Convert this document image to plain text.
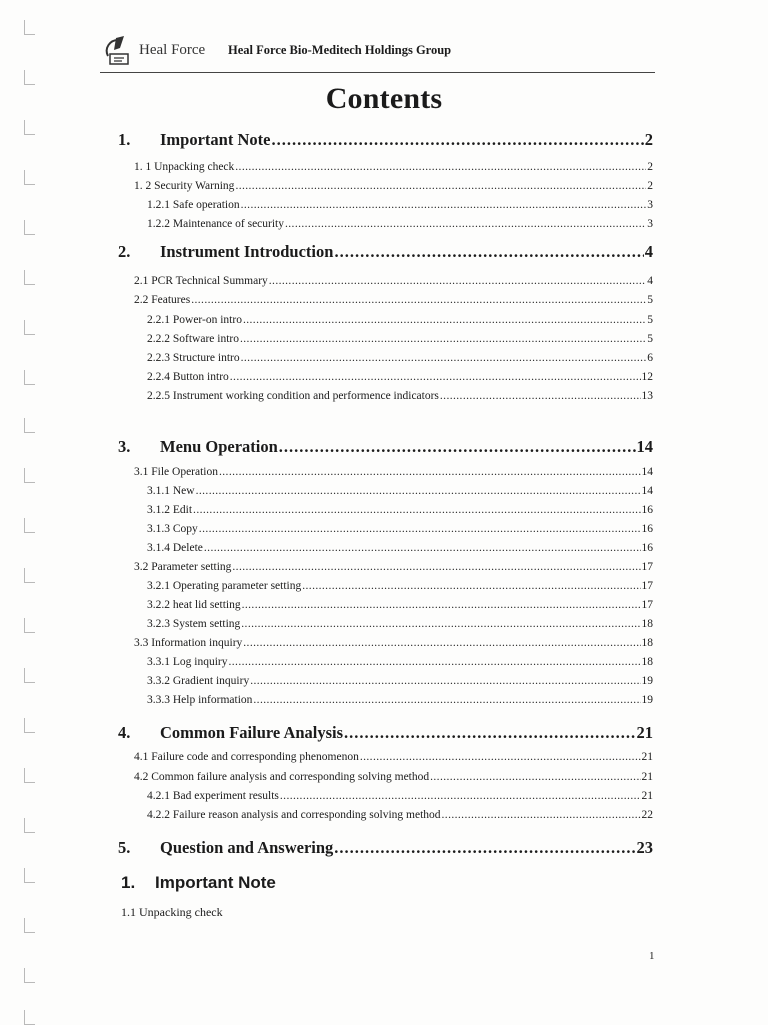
Heal Force Heal Force Bio-Meditech Holdings Group
Contents
1. Important Note .....	2
1. 1 Unpacking check .....	2
1. 2 Security Warning .....	2
1.2.1 Safe operation .....	3
1.2.2 Maintenance of security .....	3
2. Instrument Introduction .....	4
2.1 PCR Technical Summary .....	4
2.2 Features .....	5
2.2.1 Power-on intro .....	5
2.2.2 Software intro .....	5
2.2.3 Structure intro .....	6
2.2.4 Button intro .....	12
2.2.5 Instrument working condition and performence indicators .....	13
3. Menu Operation .....	14
3.1 File Operation .....	14
3.1.1 New .....	14
3.1.2 Edit .....	16
3.1.3 Copy .....	16
3.1.4 Delete .....	16
3.2 Parameter setting .....	17
3.2.1 Operating parameter setting .....	17
3.2.2 heat lid setting .....	17
3.2.3 System setting .....	18
3.3 Information inquiry .....	18
3.3.1 Log inquiry .....	18
3.3.2 Gradient inquiry .....	19
3.3.3 Help information .....	19
4. Common Failure Analysis .....	21
4.1 Failure code and corresponding phenomenon .....	21
4.2 Common failure analysis and corresponding solving method .....	21
4.2.1 Bad experiment results .....	21
4.2.2 Failure reason analysis and corresponding solving method .....	22
5. Question and Answering .....	23
1. Important Note
1.1 Unpacking check
1
